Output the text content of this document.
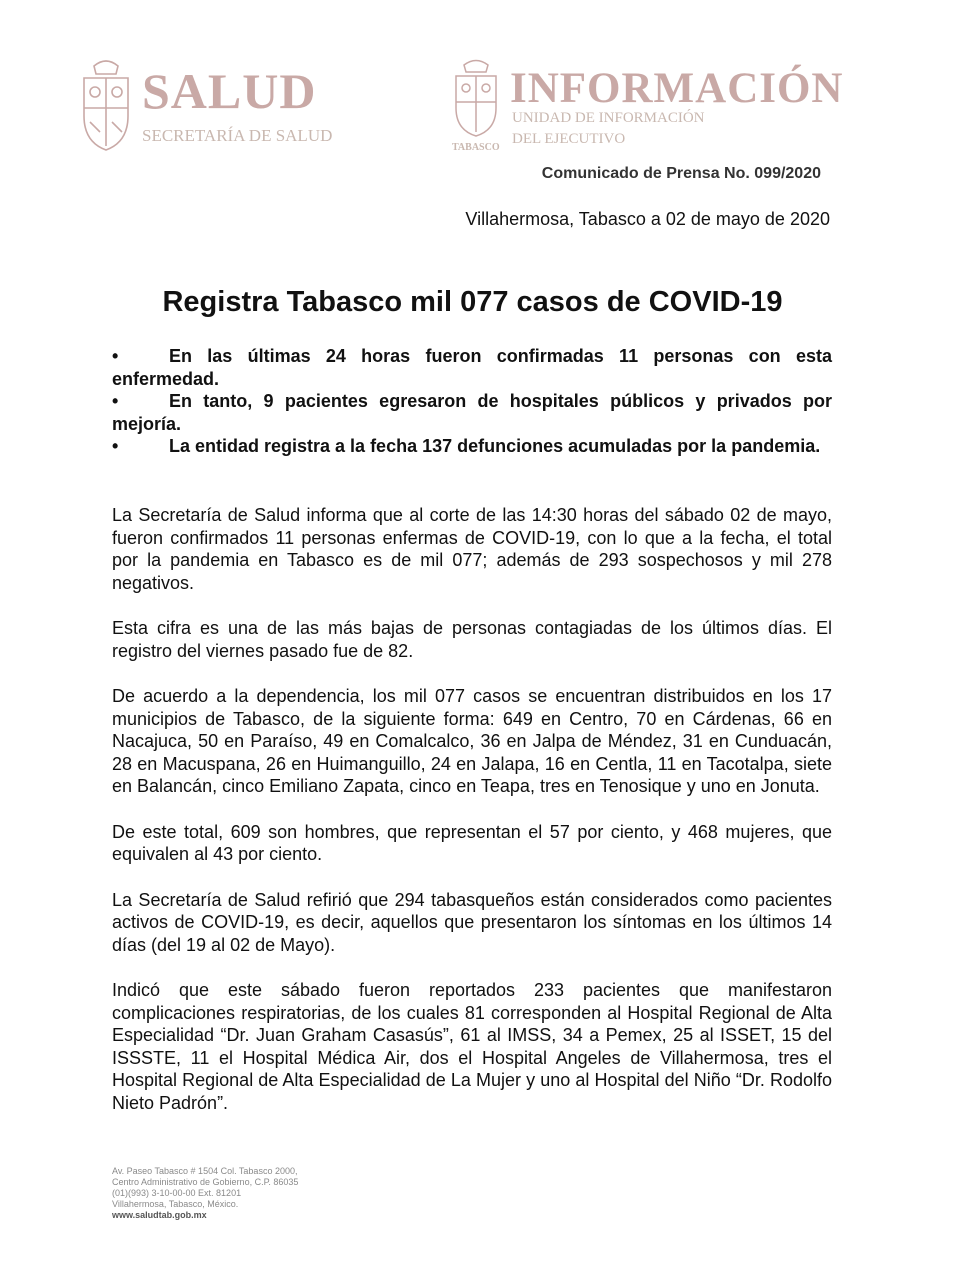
SALUD
SECRETARÍA DE SALUD
TABASCO
INFORMACIÓN
UNIDAD DE INFORMACIÓN
DEL EJECUTIVO
Comunicado de Prensa No. 099/2020
Villahermosa, Tabasco a 02 de mayo de 2020
Registra Tabasco mil 077 casos de COVID-19
•	En las últimas 24 horas fueron confirmadas 11 personas con esta enfermedad.
•	En tanto, 9 pacientes egresaron de hospitales públicos y privados por mejoría.
•	La entidad registra a la fecha 137 defunciones acumuladas por la pandemia.

La Secretaría de Salud informa que al corte de las 14:30 horas del sábado 02 de mayo, fueron confirmados 11 personas enfermas de COVID-19, con lo que a la fecha, el total por la pandemia en Tabasco es de mil 077; además de 293 sospechosos y mil 278 negativos.

Esta cifra es una de las más bajas de personas contagiadas de los últimos días. El registro del viernes pasado fue de 82.

De acuerdo a la dependencia, los mil 077 casos se encuentran distribuidos en los 17 municipios de Tabasco, de la siguiente forma: 649 en Centro, 70 en Cárdenas, 66 en Nacajuca, 50 en Paraíso, 49 en Comalcalco, 36 en Jalpa de Méndez, 31 en Cunduacán, 28 en Macuspana, 26 en Huimanguillo, 24 en Jalapa, 16 en Centla, 11 en Tacotalpa, siete en Balancán, cinco Emiliano Zapata, cinco en Teapa, tres en Tenosique y uno en Jonuta.

De este total, 609 son hombres, que representan el 57 por ciento, y 468 mujeres, que equivalen al 43 por ciento.

La Secretaría de Salud refirió que 294 tabasqueños están considerados como pacientes activos de COVID-19, es decir, aquellos que presentaron los síntomas en los últimos 14 días (del 19 al 02 de Mayo).

Indicó que este sábado fueron reportados 233 pacientes que manifestaron complicaciones respiratorias, de los cuales 81 corresponden al Hospital Regional de Alta Especialidad “Dr. Juan Graham Casasús”, 61 al IMSS, 34 a Pemex, 25 al ISSET, 15 del ISSSTE, 11 el Hospital Médica Air, dos el Hospital Angeles de Villahermosa, tres el Hospital Regional de Alta Especialidad de La Mujer y uno al Hospital del Niño “Dr. Rodolfo Nieto Padrón”.

Av. Paseo Tabasco # 1504 Col. Tabasco 2000,
Centro Administrativo de Gobierno, C.P. 86035
(01)(993) 3-10-00-00 Ext. 81201
Villahermosa, Tabasco, México.
www.saludtab.gob.mx
